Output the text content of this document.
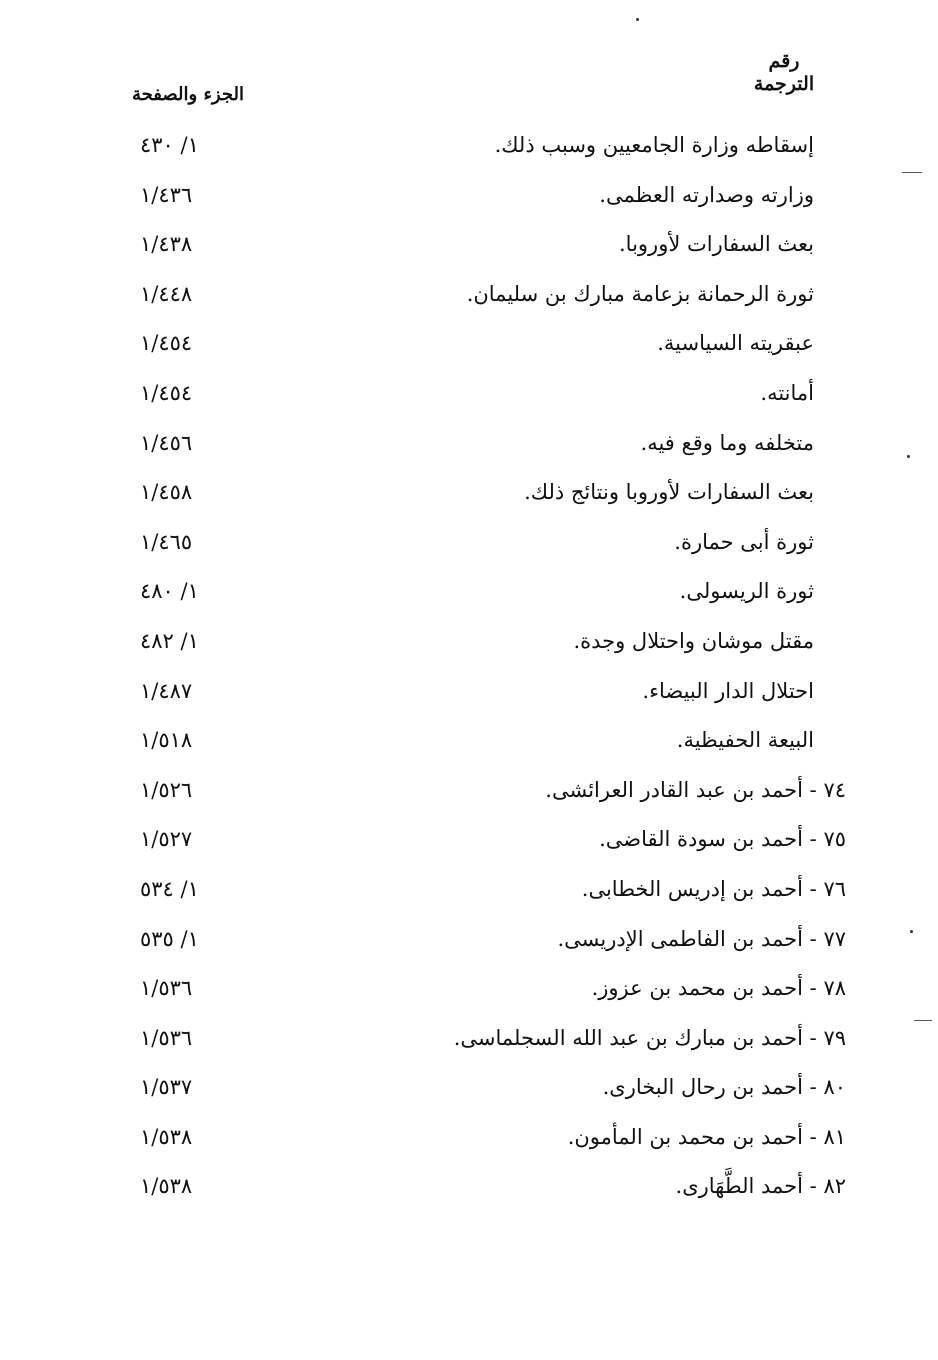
رقم
الترجمة
الجزء والصفحة
إسقاطه وزارة الجامعيين وسبب ذلك.
١/ ٤٣٠
وزارته وصدارته العظمى.
١/٤٣٦
بعث السفارات لأوروبا.
١/٤٣٨
ثورة الرحمانة بزعامة مبارك بن سليمان.
١/٤٤٨
عبقريته السياسية.
١/٤٥٤
أمانته.
١/٤٥٤
متخلفه وما وقع فيه.
١/٤٥٦
بعث السفارات لأوروبا ونتائج ذلك.
١/٤٥٨
ثورة أبى حمارة.
١/٤٦٥
ثورة الريسولى.
١/ ٤٨٠
مقتل موشان واحتلال وجدة.
١/ ٤٨٢
احتلال الدار البيضاء.
١/٤٨٧
البيعة الحفيظية.
١/٥١٨
٧٤ - أحمد بن عبد القادر العرائشى.
١/٥٢٦
٧٥ - أحمد بن سودة القاضى.
١/٥٢٧
٧٦ - أحمد بن إدريس الخطابى.
١/ ٥٣٤
٧٧ - أحمد بن الفاطمى الإدريسى.
١/ ٥٣٥
٧٨ - أحمد بن محمد بن عزوز.
١/٥٣٦
٧٩ - أحمد بن مبارك بن عبد الله السجلماسى.
١/٥٣٦
٨٠ - أحمد بن رحال البخارى.
١/٥٣٧
٨١ - أحمد بن محمد بن المأمون.
١/٥٣٨
٨٢ - أحمد الطَّهَارى.
١/٥٣٨
